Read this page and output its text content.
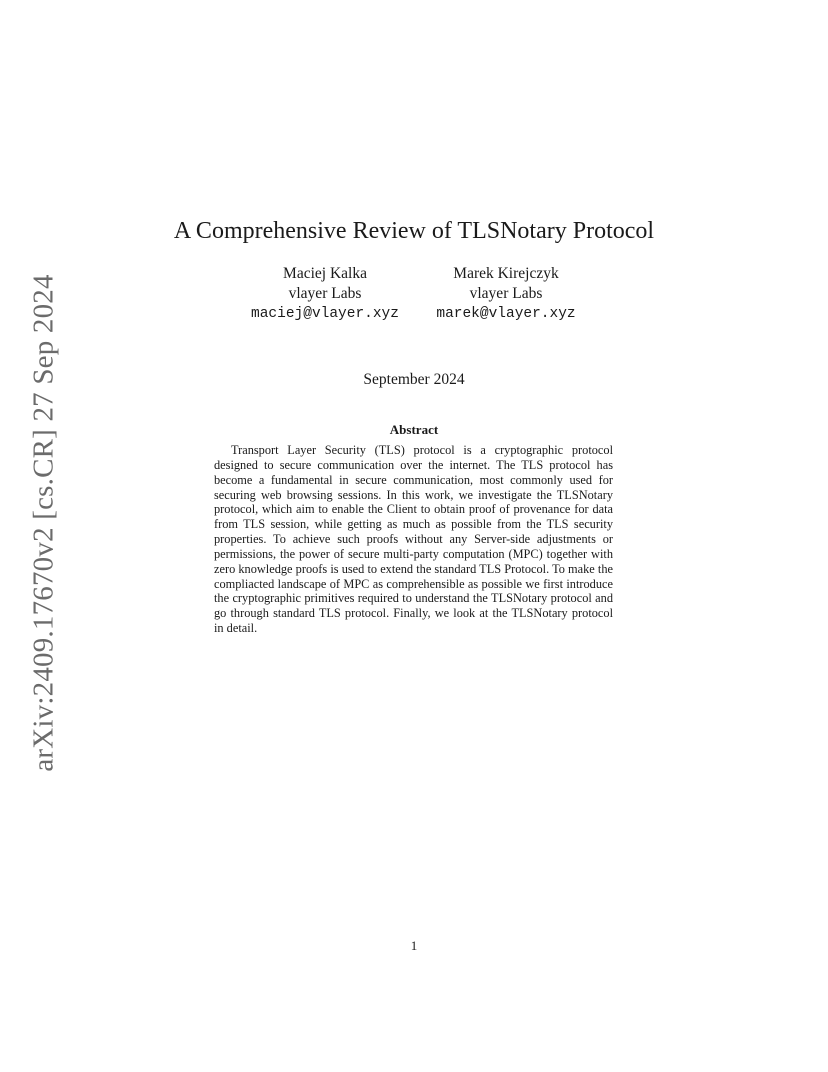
arXiv:2409.17670v2 [cs.CR] 27 Sep 2024
A Comprehensive Review of TLSNotary Protocol
Maciej Kalka
vlayer Labs
maciej@vlayer.xyz
Marek Kirejczyk
vlayer Labs
marek@vlayer.xyz
September 2024
Abstract

Transport Layer Security (TLS) protocol is a cryptographic protocol designed to secure communication over the internet. The TLS protocol has become a fundamental in secure communication, most commonly used for securing web browsing sessions. In this work, we investigate the TLSNotary protocol, which aim to enable the Client to obtain proof of provenance for data from TLS session, while getting as much as possible from the TLS security properties. To achieve such proofs without any Server-side adjustments or permissions, the power of secure multi-party computation (MPC) together with zero knowledge proofs is used to extend the standard TLS Protocol. To make the compliacted landscape of MPC as comprehensible as possible we first introduce the cryptographic primitives required to understand the TLSNotary protocol and go through standard TLS protocol. Finally, we look at the TLSNotary protocol in detail.

1
